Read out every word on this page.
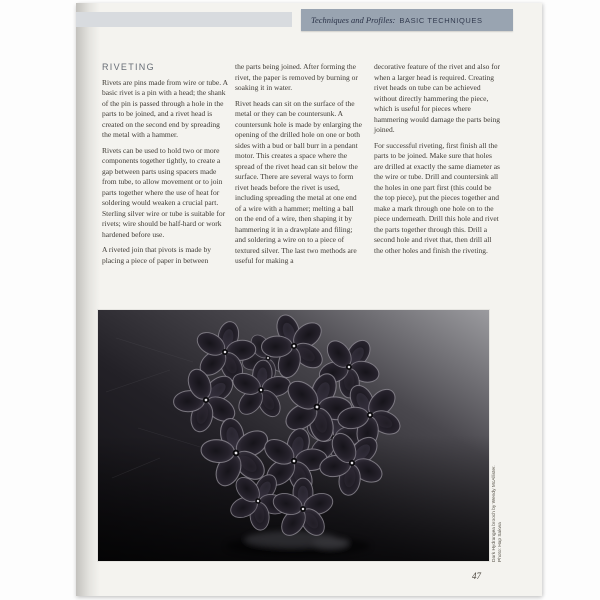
Techniques and Profiles: BASIC TECHNIQUES
RIVETING

Rivets are pins made from wire or tube. A basic rivet is a pin with a head; the shank of the pin is passed through a hole in the parts to be joined, and a rivet head is created on the second end by spreading the metal with a hammer.

Rivets can be used to hold two or more components together tightly, to create a gap between parts using spacers made from tube, to allow movement or to join parts together where the use of heat for soldering would weaken a crucial part. Sterling silver wire or tube is suitable for rivets; wire should be half-hard or work hardened before use.

A riveted join that pivots is made by placing a piece of paper in between

the parts being joined. After forming the rivet, the paper is removed by burning or soaking it in water.

Rivet heads can sit on the surface of the metal or they can be countersunk. A countersunk hole is made by enlarging the opening of the drilled hole on one or both sides with a bud or ball burr in a pendant motor. This creates a space where the spread of the rivet head can sit below the surface. There are several ways to form rivet heads before the rivet is used, including spreading the metal at one end of a wire with a hammer; melting a ball on the end of a wire, then shaping it by hammering it in a drawplate and filing; and soldering a wire on to a piece of textured silver. The last two methods are useful for making a

decorative feature of the rivet and also for when a larger head is required. Creating rivet heads on tube can be achieved without directly hammering the piece, which is useful for pieces where hammering would damage the parts being joined.

For successful riveting, first finish all the parts to be joined. Make sure that holes are drilled at exactly the same diameter as the wire or tube. Drill and countersink all the holes in one part first (this could be the top piece), put the pieces together and make a mark through one hole on to the piece underneath. Drill this hole and rivet the parts together through this. Drill a second hole and rivet that, then drill all the other holes and finish the riveting.

Dark Hydrangea brooch by Wendy McAllister.
Photo: Hap Sakwa
47
